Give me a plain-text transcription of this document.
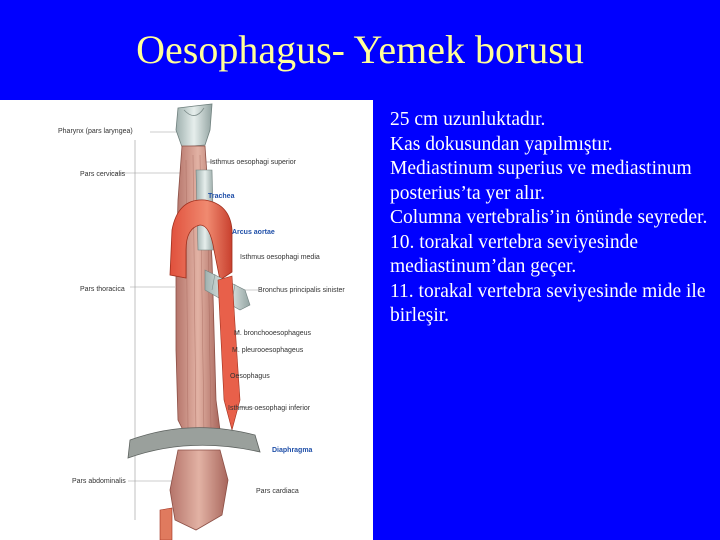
Oesophagus- Yemek borusu
Pharynx (pars laryngea)
Pars cervicalis
Isthmus oesophagi superior
Trachea
Arcus aortae
Isthmus oesophagi media
Pars thoracica	Bronchus principalis sinister
M. bronchooesophageus
M. pleurooesophageus
Oesophagus
Isthmus oesophagi inferior
Diaphragma
Pars abdominalis
Pars cardiaca
25 cm uzunluktadır.
Kas dokusundan yapılmıştır.
Mediastinum superius ve mediastinum posterius’ta yer alır.
Columna vertebralis’in önünde seyreder.
10. torakal vertebra seviyesinde mediastinum’dan geçer.
11. torakal vertebra seviyesinde mide ile birleşir.
